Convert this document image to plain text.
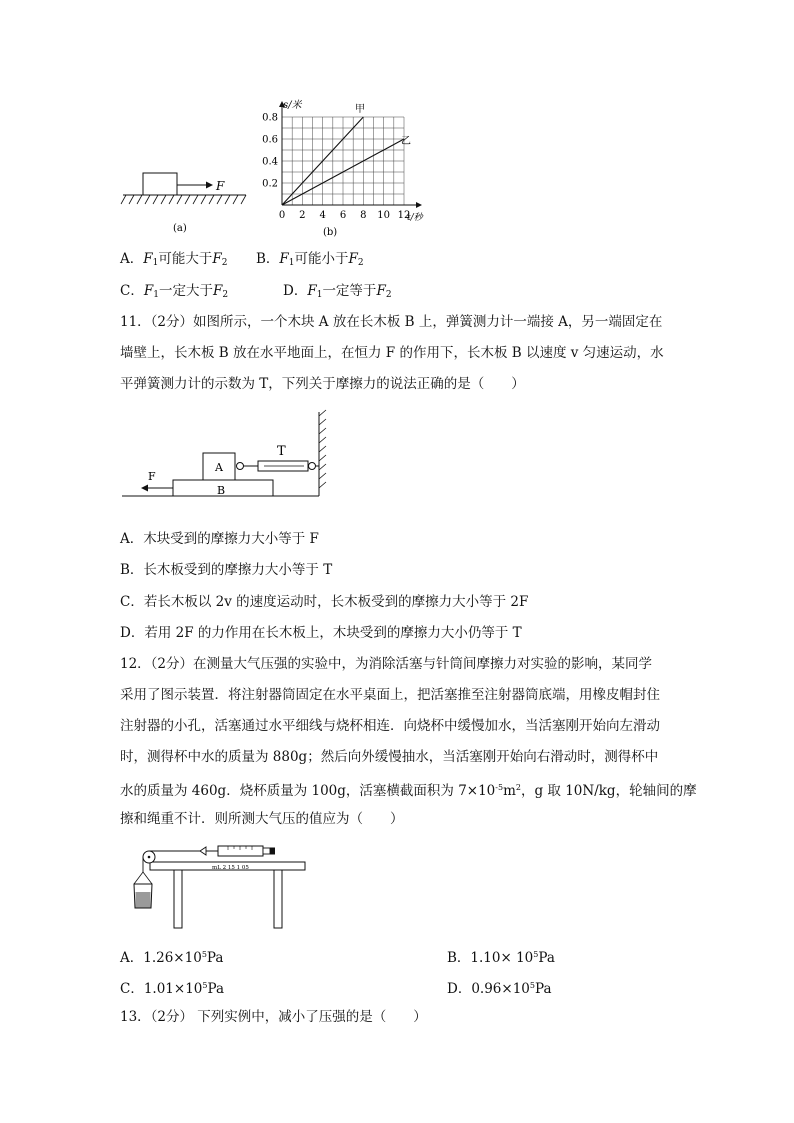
F
(a)
0 2 4 6 8 10 12
0.8
0.6
0.4
0.2
s/米
t/秒
甲
乙
(b)
A．$F_1$可能大于$F_2$ B．$F_1$可能小于$F_2$
C．$F_1$一定大于$F_2$	D．$F_1$一定等于$F_2$
11．（2分）如图所示，一个木块 A 放在长木板 B 上，弹簧测力计一端接 A，另一端固定在
墙壁上，长木板 B 放在水平地面上，在恒力 F 的作用下，长木板 B 以速度 v 匀速运动，水
平弹簧测力计的示数为 T，下列关于摩擦力的说法正确的是（　　）
B
A
T
F
A．木块受到的摩擦力大小等于 F
B．长木板受到的摩擦力大小等于 T
C．若长木板以 2v 的速度运动时，长木板受到的摩擦力大小等于 2F
D．若用 2F 的力作用在长木板上，木块受到的摩擦力大小仍等于 T
12．（2分）在测量大气压强的实验中，为消除活塞与针筒间摩擦力对实验的影响，某同学
采用了图示装置．将注射器筒固定在水平桌面上，把活塞推至注射器筒底端，用橡皮帽封住
注射器的小孔，活塞通过水平细线与烧杯相连．向烧杯中缓慢加水，当活塞刚开始向左滑动
时，测得杯中水的质量为 880g；然后向外缓慢抽水，当活塞刚开始向右滑动时，测得杯中
水的质量为 460g．烧杯质量为 100g，活塞横截面积为 $7\times 10^{-5}m^2$，g 取 10N/kg，轮轴间的摩
擦和绳重不计．则所测大气压的值应为（　　）
mL 2 15 1 05
A．$1.26\times 10^5Pa$	B．$1.10\times 10^5Pa$
C．$1.01\times 10^5Pa$	D．$0.96\times 10^5Pa$
13．（2分） 下列实例中，减小了压强的是（　　）
